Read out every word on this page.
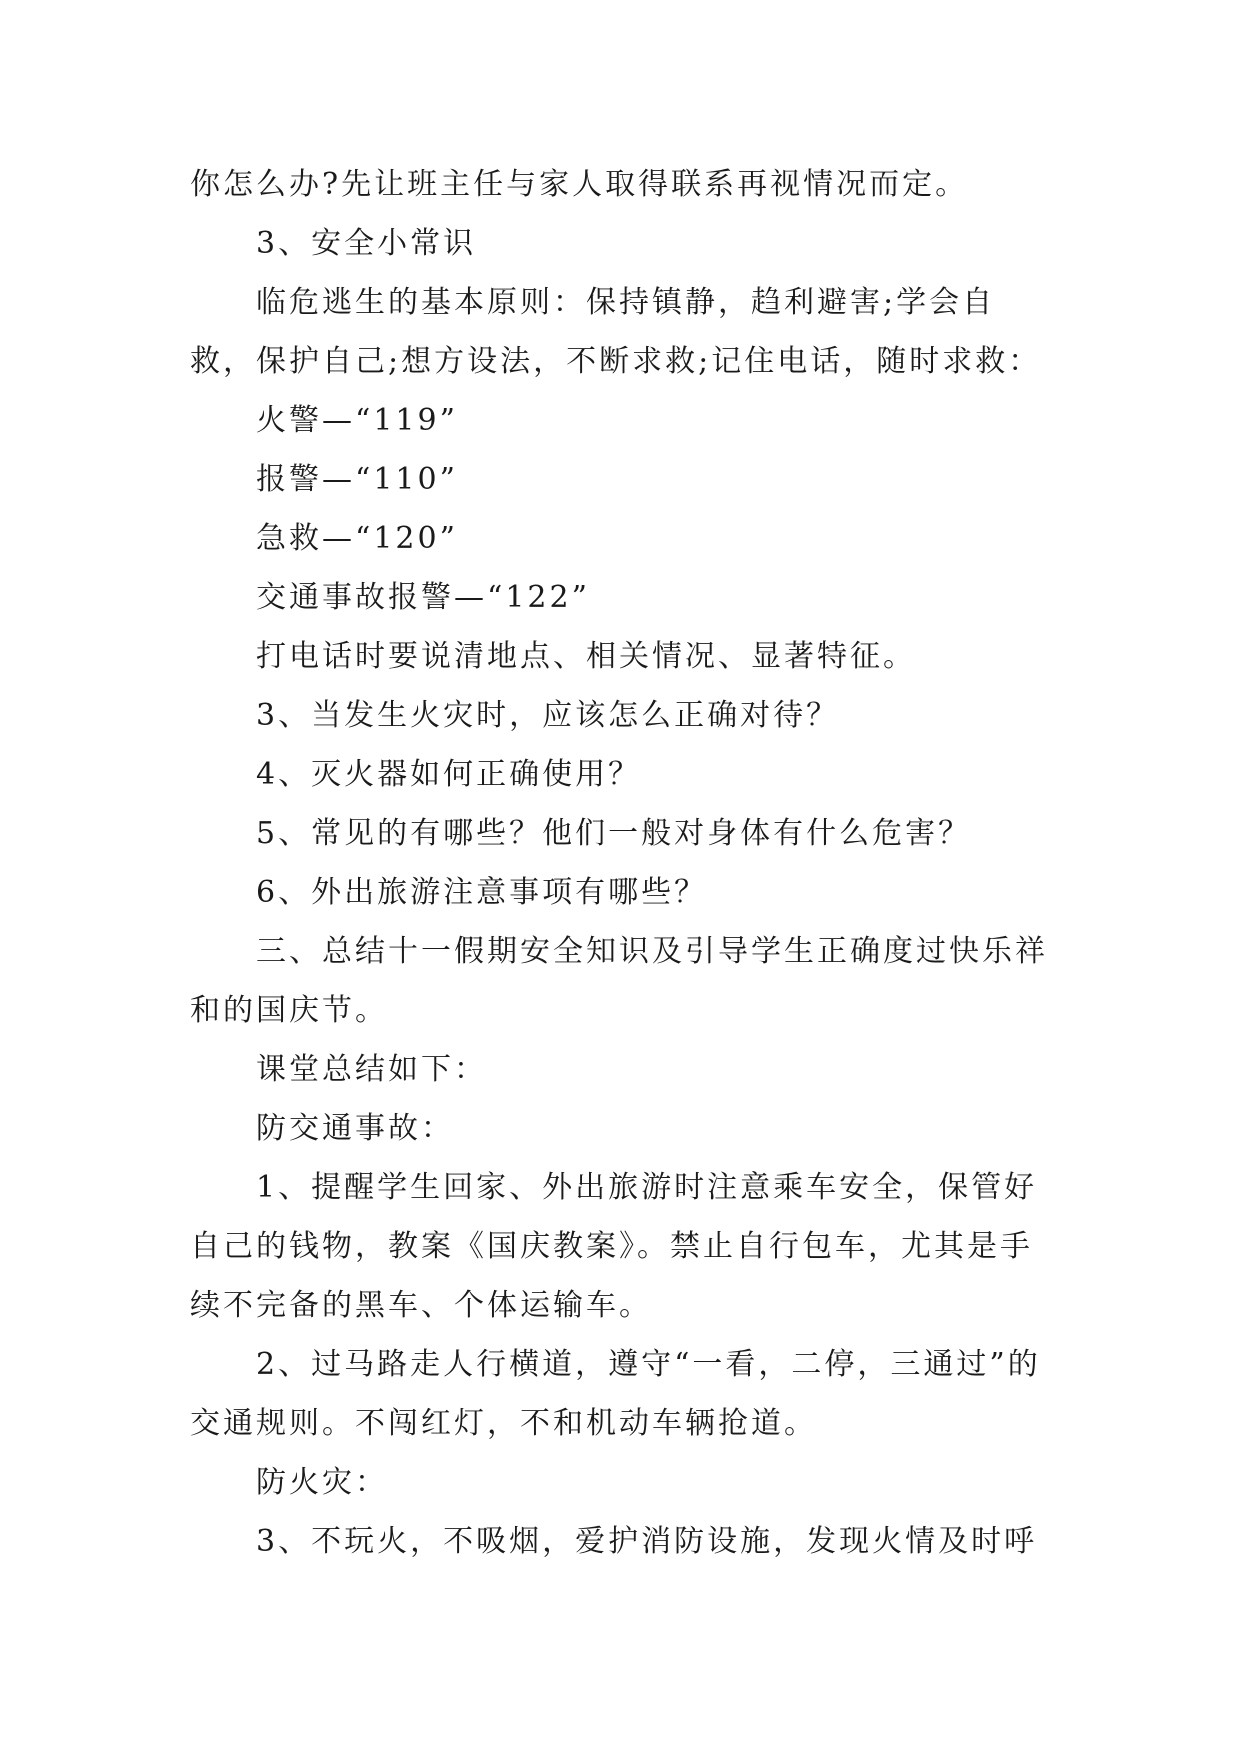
你怎么办?先让班主任与家人取得联系再视情况而定。

3、安全小常识

临危逃生的基本原则：保持镇静，趋利避害;学会自救，保护自己;想方设法，不断求救;记住电话，随时求救：

火警—“119”

报警—“110”

急救—“120”

交通事故报警—“122”

打电话时要说清地点、相关情况、显著特征。

3、当发生火灾时，应该怎么正确对待？

4、灭火器如何正确使用？

5、常见的有哪些？他们一般对身体有什么危害？

6、外出旅游注意事项有哪些？

三、总结十一假期安全知识及引导学生正确度过快乐祥和的国庆节。

课堂总结如下：

防交通事故：

1、提醒学生回家、外出旅游时注意乘车安全，保管好自己的钱物，教案《国庆教案》。禁止自行包车，尤其是手续不完备的黑车、个体运输车。

2、过马路走人行横道，遵守“一看，二停，三通过”的交通规则。不闯红灯，不和机动车辆抢道。

防火灾：

3、不玩火，不吸烟，爱护消防设施，发现火情及时呼
